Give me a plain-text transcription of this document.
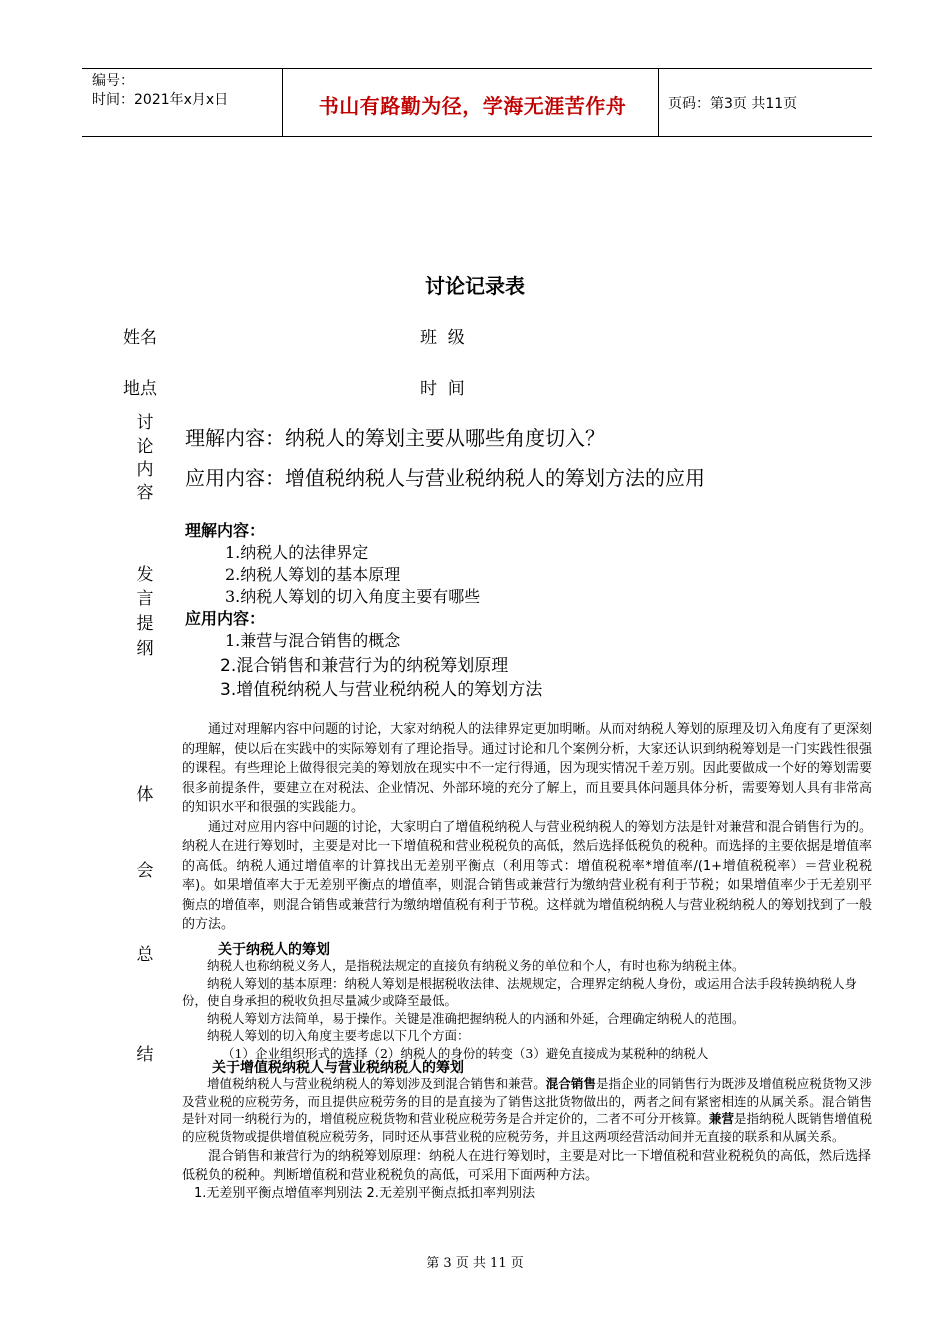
编号：
时间：2021年x月x日	书山有路勤为径，学海无涯苦作舟	页码：第3页 共11页
讨论记录表
姓名	班  级
地点	时  间
讨
论
内
容
理解内容：纳税人的筹划主要从哪些角度切入？
应用内容：增值税纳税人与营业税纳税人的筹划方法的应用
发
言
提
纲
理解内容：
1.纳税人的法律界定
2.纳税人筹划的基本原理
3.纳税人筹划的切入角度主要有哪些
应用内容：
1.兼营与混合销售的概念
2.混合销售和兼营行为的纳税筹划原理
3.增值税纳税人与营业税纳税人的筹划方法
体
会
总
结

通过对理解内容中问题的讨论，大家对纳税人的法律界定更加明晰。从而对纳税人筹划的原理及切入角度有了更深刻的理解，使以后在实践中的实际筹划有了理论指导。通过讨论和几个案例分析，大家还认识到纳税筹划是一门实践性很强的课程。有些理论上做得很完美的筹划放在现实中不一定行得通，因为现实情况千差万别。因此要做成一个好的筹划需要很多前提条件，要建立在对税法、企业情况、外部环境的充分了解上，而且要具体问题具体分析，需要筹划人具有非常高的知识水平和很强的实践能力。

通过对应用内容中问题的讨论，大家明白了增值税纳税人与营业税纳税人的筹划方法是针对兼营和混合销售行为的。纳税人在进行筹划时，主要是对比一下增值税和营业税税负的高低，然后选择低税负的税种。而选择的主要依据是增值率的高低。纳税人通过增值率的计算找出无差别平衡点（利用等式：增值税税率*增值率/(1+增值税税率）＝营业税税率)。如果增值率大于无差别平衡点的增值率，则混合销售或兼营行为缴纳营业税有利于节税；如果增值率少于无差别平衡点的增值率，则混合销售或兼营行为缴纳增值税有利于节税。这样就为增值税纳税人与营业税纳税人的筹划找到了一般的方法。

关于纳税人的筹划

纳税人也称纳税义务人，是指税法规定的直接负有纳税义务的单位和个人，有时也称为纳税主体。

纳税人筹划的基本原理：纳税人筹划是根据税收法律、法规规定，合理界定纳税人身份，或运用合法手段转换纳税人身份，使自身承担的税收负担尽量减少或降至最低。

纳税人筹划方法简单，易于操作。关键是准确把握纳税人的内涵和外延，合理确定纳税人的范围。

纳税人筹划的切入角度主要考虑以下几个方面：

（1）企业组织形式的选择（2）纳税人的身份的转变（3）避免直接成为某税种的纳税人

关于增值税纳税人与营业税纳税人的筹划

增值税纳税人与营业税纳税人的筹划涉及到混合销售和兼营。混合销售是指企业的同销售行为既涉及增值税应税货物又涉及营业税的应税劳务，而且提供应税劳务的目的是直接为了销售这批货物做出的，两者之间有紧密相连的从属关系。混合销售是针对同一纳税行为的，增值税应税货物和营业税应税劳务是合并定价的，二者不可分开核算。兼营是指纳税人既销售增值税的应税货物或提供增值税应税劳务，同时还从事营业税的应税劳务，并且这两项经营活动间并无直接的联系和从属关系。

混合销售和兼营行为的纳税筹划原理：纳税人在进行筹划时，主要是对比一下增值税和营业税税负的高低，然后选择低税负的税种。判断增值税和营业税税负的高低，可采用下面两种方法。

1.无差别平衡点增值率判别法 2.无差别平衡点抵扣率判别法

第 3 页 共 11 页
